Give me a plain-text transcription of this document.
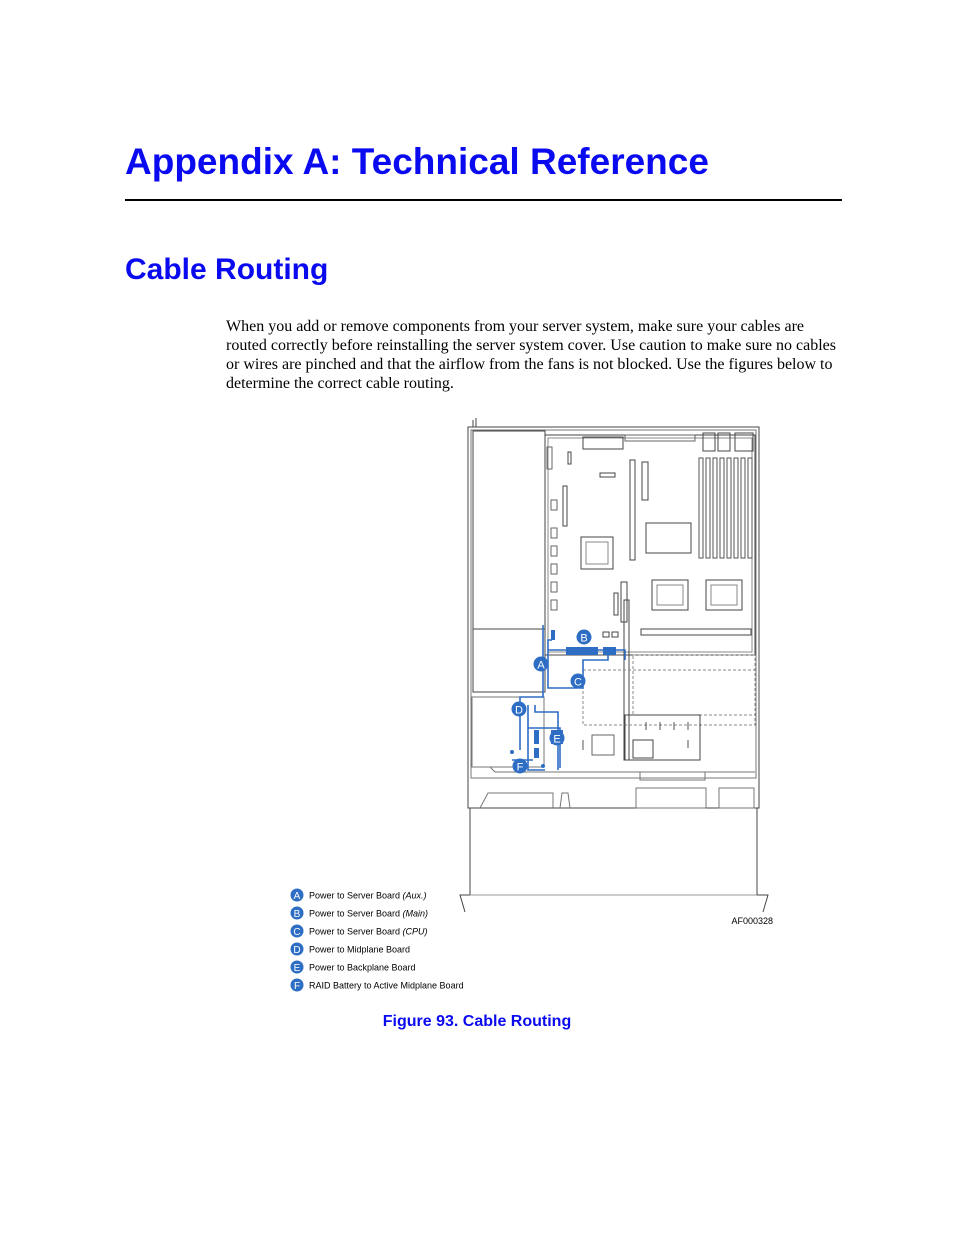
Appendix A: Technical Reference
Cable Routing

When you add or remove components from your server system, make sure your cables are routed correctly before reinstalling the server system cover. Use caution to make sure no cables or wires are pinched and that the airflow from the fans is not blocked. Use the figures below to determine the correct cable routing.

A
B
C
D
E
F
AF000328
A Power to Server Board (Aux.)
B Power to Server Board (Main)
C Power to Server Board (CPU)
D Power to Midplane Board
E Power to Backplane Board
F RAID Battery to Active Midplane Board
Figure 93. Cable Routing
